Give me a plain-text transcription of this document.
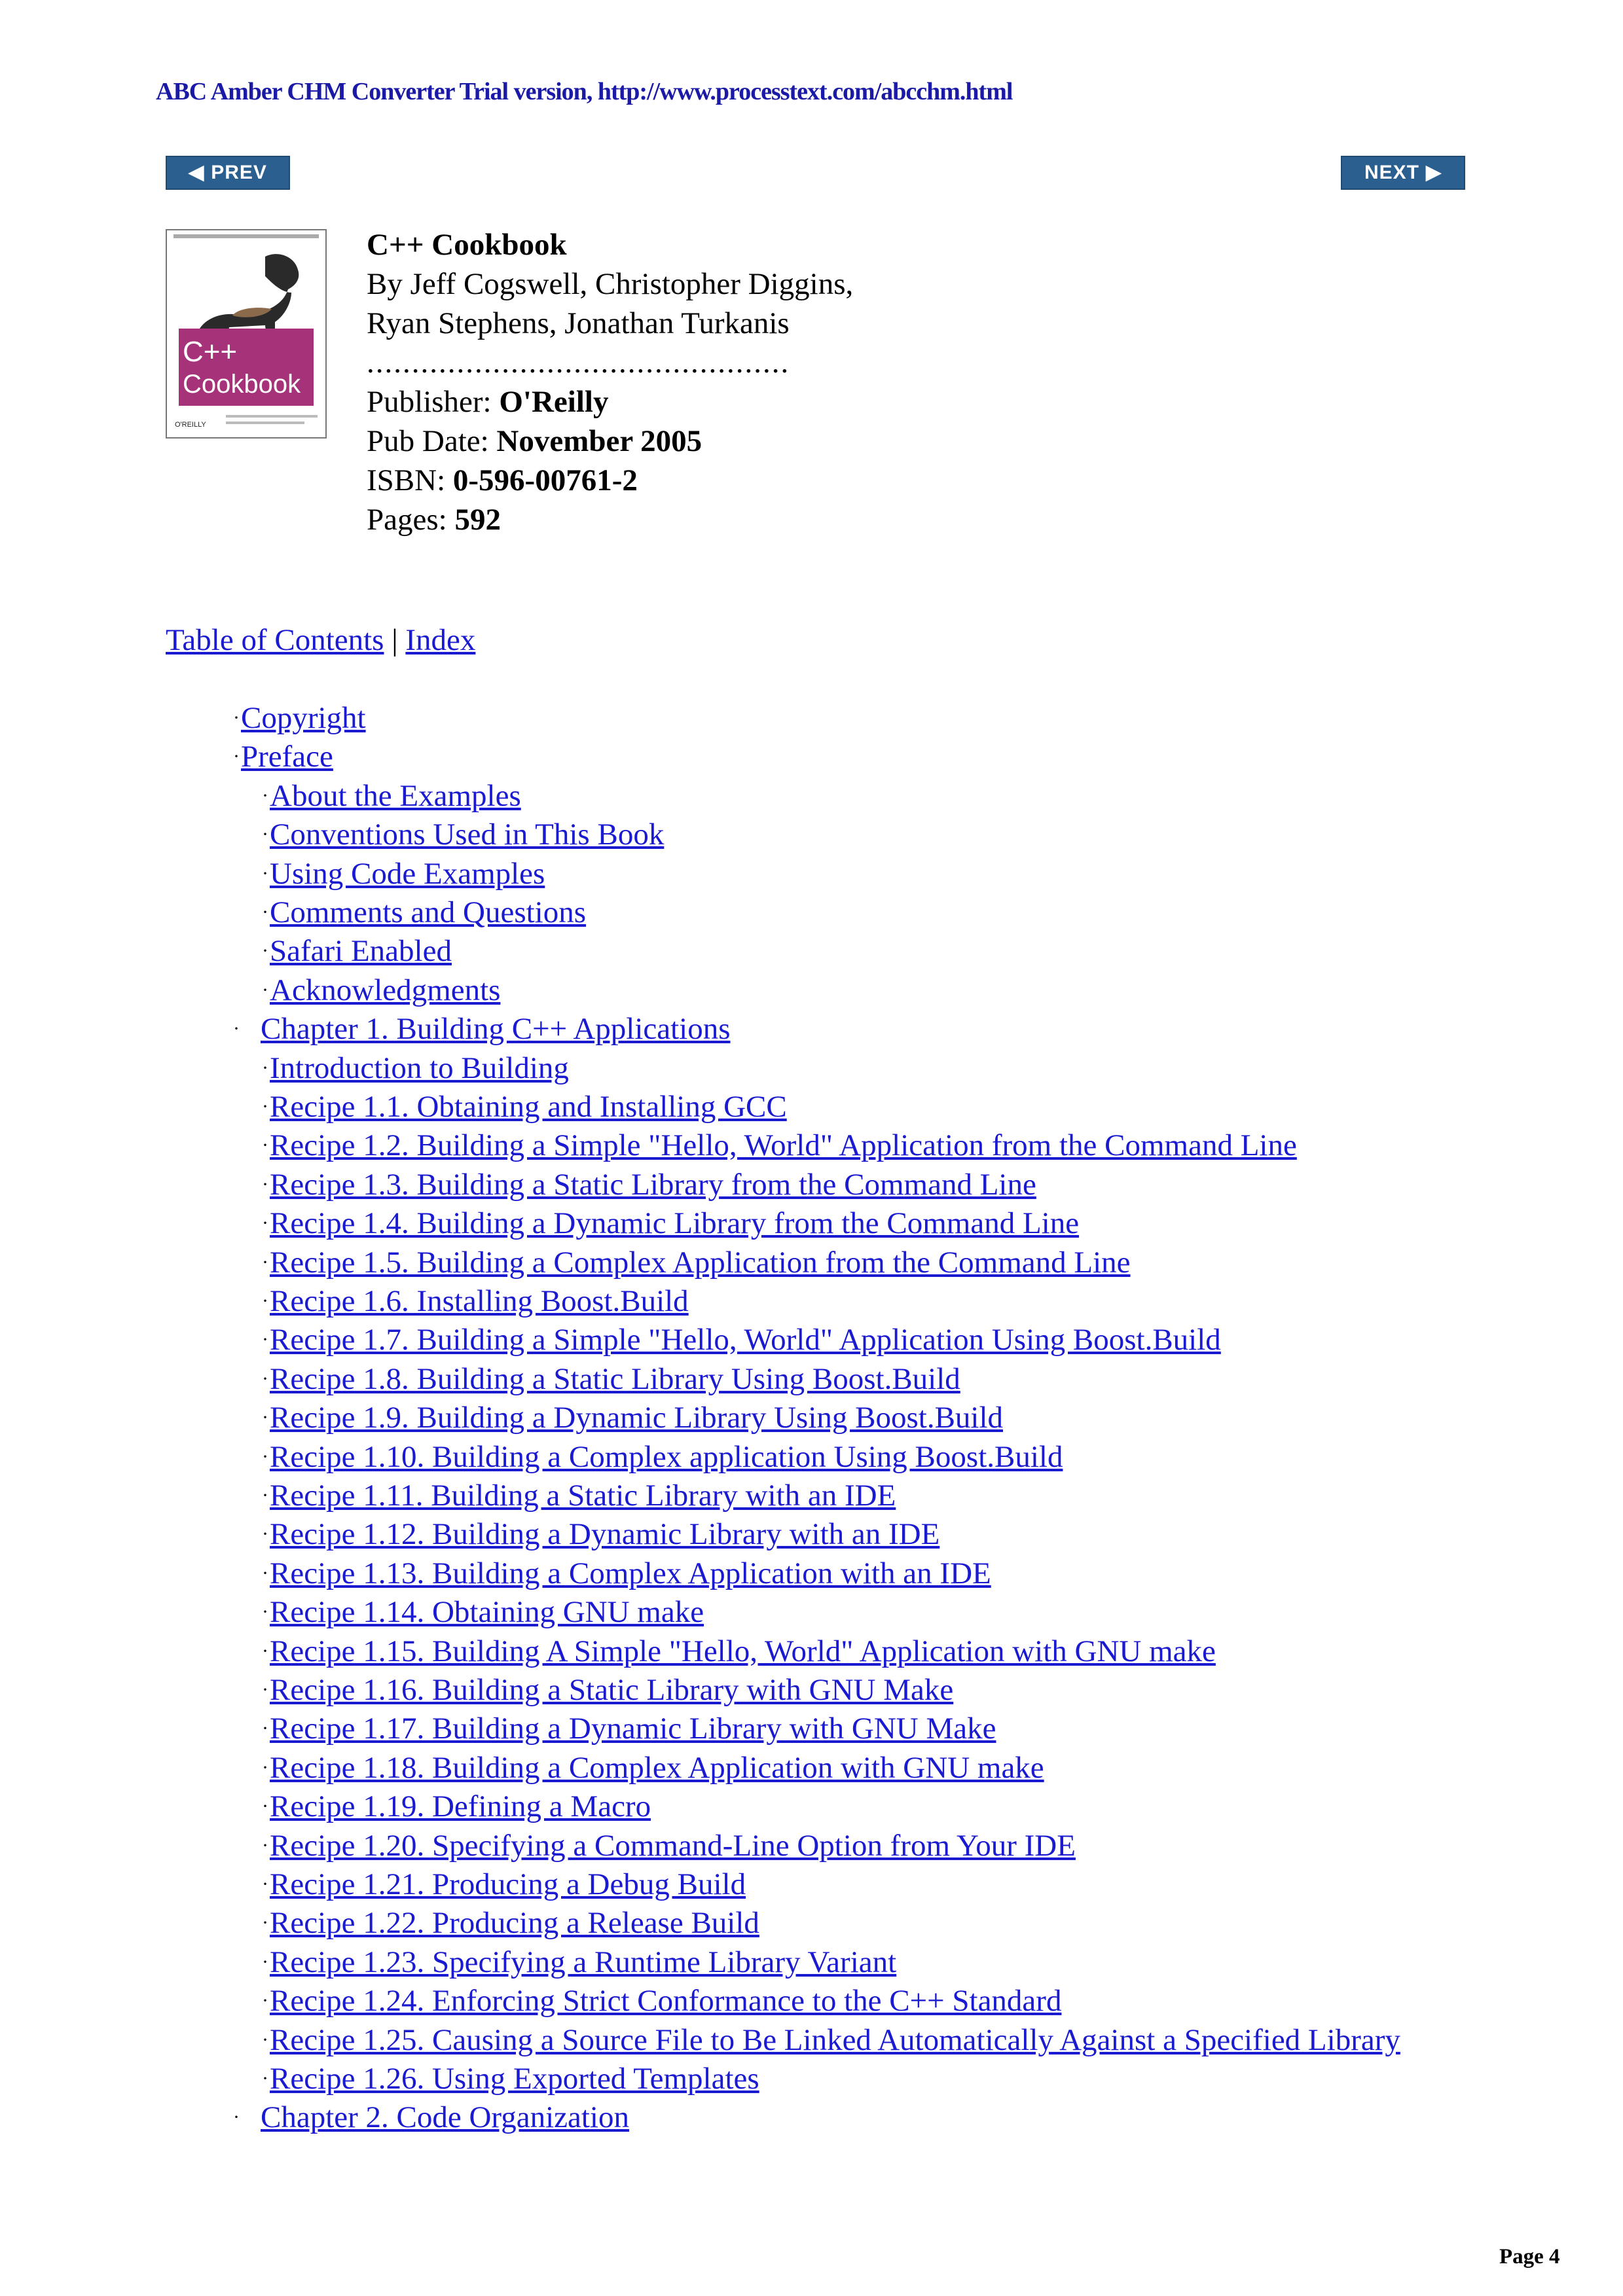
ABC Amber CHM Converter Trial version, http://www.processtext.com/abcchm.html
◀ PREV	NEXT ▶
C++
Cookbook
O'REILLY
C++ Cookbook
By Jeff Cogswell, Christopher Diggins,
Ryan Stephens, Jonathan Turkanis
...............................................
Publisher: O'Reilly
Pub Date: November 2005
ISBN: 0-596-00761-2
Pages: 592
Table of Contents | Index
·Copyright
·Preface
·About the Examples
·Conventions Used in This Book
·Using Code Examples
·Comments and Questions
·Safari Enabled
·Acknowledgments
· Chapter 1. Building C++ Applications
·Introduction to Building
·Recipe 1.1. Obtaining and Installing GCC
·Recipe 1.2. Building a Simple "Hello, World" Application from the Command Line
·Recipe 1.3. Building a Static Library from the Command Line
·Recipe 1.4. Building a Dynamic Library from the Command Line
·Recipe 1.5. Building a Complex Application from the Command Line
·Recipe 1.6. Installing Boost.Build
·Recipe 1.7. Building a Simple "Hello, World" Application Using Boost.Build
·Recipe 1.8. Building a Static Library Using Boost.Build
·Recipe 1.9. Building a Dynamic Library Using Boost.Build
·Recipe 1.10. Building a Complex application Using Boost.Build
·Recipe 1.11. Building a Static Library with an IDE
·Recipe 1.12. Building a Dynamic Library with an IDE
·Recipe 1.13. Building a Complex Application with an IDE
·Recipe 1.14. Obtaining GNU make
·Recipe 1.15. Building A Simple "Hello, World" Application with GNU make
·Recipe 1.16. Building a Static Library with GNU Make
·Recipe 1.17. Building a Dynamic Library with GNU Make
·Recipe 1.18. Building a Complex Application with GNU make
·Recipe 1.19. Defining a Macro
·Recipe 1.20. Specifying a Command-Line Option from Your IDE
·Recipe 1.21. Producing a Debug Build
·Recipe 1.22. Producing a Release Build
·Recipe 1.23. Specifying a Runtime Library Variant
·Recipe 1.24. Enforcing Strict Conformance to the C++ Standard
·Recipe 1.25. Causing a Source File to Be Linked Automatically Against a Specified Library
·Recipe 1.26. Using Exported Templates
· Chapter 2. Code Organization
Page 4
